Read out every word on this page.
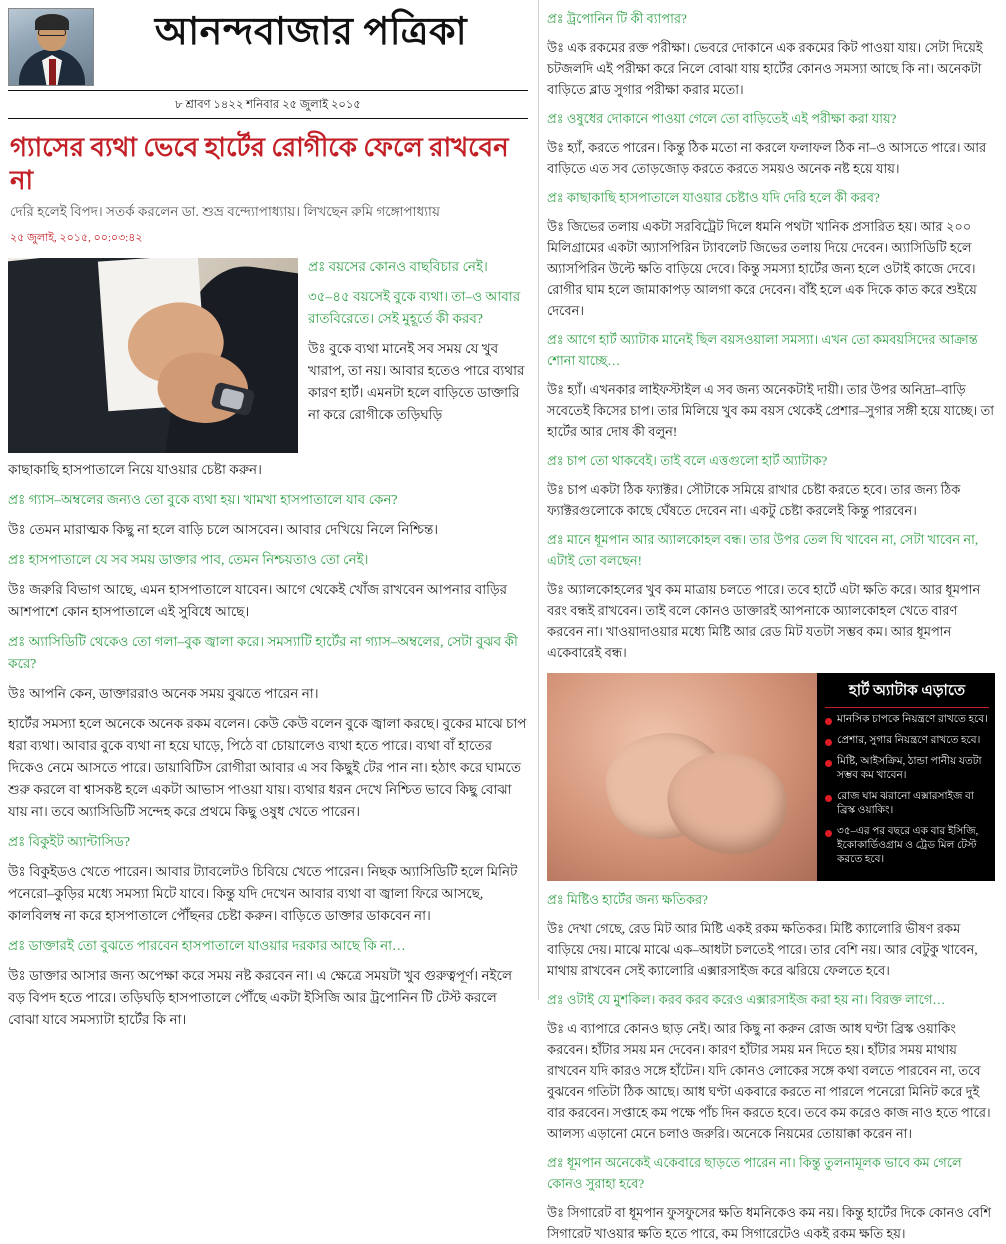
আনন্দবাজার পত্রিকা
৮ শ্রাবণ ১৪২২ শনিবার ২৫ জুলাই ২০১৫
গ্যাসের ব্যথা ভেবে হার্টের রোগীকে ফেলে রাখবেন না
দেরি হলেই বিপদ। সতর্ক করলেন ডা. শুভ্র বন্দ্যোপাধ্যায়। লিখছেন রুমি গঙ্গোপাধ্যায়
২৫ জুলাই, ২০১৫, ০০:০৩:৪২

প্রঃ বয়সের কোন‌ও বাছবিচার নেই।

৩৫–৪৫ বয়সেই বুকে ব্যথা। তা–ও আবার রাতবিরেতে। সেই মুহূর্তে কী করব?

উঃ বুকে ব্যথা মানেই সব সময় যে খুব খারাপ, তা নয়। আবার হতে‌ও পারে ব্যথার কারণ হার্ট। এমনটা হলে বাড়িতে ডাক্তারি না করে রোগীকে তড়িঘড়ি

কাছাকাছি হাসপাতালে নিয়ে যাওয়ার চেষ্টা করুন।

প্রঃ গ্যাস–অম্বলের জন্য‌ও তো বুকে ব্যথা হয়। খামখা হাসপাতালে যাব কেন?

উঃ তেমন মারাত্মক কিছু না হলে বাড়ি চলে আসবেন। আবার দেখিয়ে নিলে নিশ্চিন্ত।

প্রঃ হাসপাতালে যে সব সময় ডাক্তার পাব, তেমন নিশ্চয়তা‌ও তো নেই।

উঃ জরুরি বিভাগ আছে, এমন হাসপাতালে যাবেন। আগে থেকেই খোঁজ রাখবেন আপনার বাড়ির আশপাশে কোন হাসপাতালে এই সুবিধে আছে।

প্রঃ অ্যাসিডিটি থেকে‌ও তো গলা–বুক জ্বালা করে। সমস্যাটি হার্টের না গ্যাস–অম্বলের, সেটা বুঝব কী করে?

উঃ আপনি কেন, ডাক্তাররা‌ও অনেক সময় বুঝতে পারেন না।

হার্টের সমস্যা হলে অনেকে অনেক রকম বলেন। কেউ কেউ বলেন বুকে জ্বালা করছে। বুকের মাঝে চাপ ধরা ব্যথা। আবার বুকে ব্যথা না হয়ে ঘাড়ে, পিঠে বা চোয়ালে‌ও ব্যথা হতে পারে। ব্যথা বাঁ হাতের দিকে‌ও নেমে আসতে পারে। ডায়াবিটিস রোগীরা আবার এ সব কিছুই টের পান না। হঠাৎ করে ঘামতে শুরু করলে বা শ্বাসকষ্ট হলে একটা আভাস পাওয়া যায়। ব্যথার ধরন দেখে নিশ্চিত ভাবে কিছু বোঝা যায় না। তবে অ্যাসিডিটি সন্দেহ করে প্রথমে কিছু ওষুধ খেতে পারেন।

প্রঃ বিকুইট অ্যান্টাসিড?

উঃ বিকুইড‌ও খেতে পারেন। আবার ট্যাবলেট‌ও চিবিয়ে খেতে পারেন। নিছক অ্যাসিডিটি হলে মিনিট পনেরো–কুড়ির মধ্যে সমস্যা মিটে যাবে। কিন্তু যদি দেখেন আবার ব্যথা বা জ্বালা ফিরে আসছে, কালবিলম্ব না করে হাসপাতালে পৌঁছনর চেষ্টা করুন। বাড়িতে ডাক্তার ডাকবেন না।

প্রঃ ডাক্তার‌ই তো বুঝতে পারবেন হাসপাতালে যাওয়ার দরকার আছে কি না…

উঃ ডাক্তার আসার জন্য অপেক্ষা করে সময় নষ্ট করবেন না। এ ক্ষেত্রে সময়টা খুব গুরুত্বপূর্ণ। নইলে বড় বিপদ হতে পারে। তড়িঘড়ি হাসপাতালে পৌঁছে একটা ইসিজি আর ট্রপোনিন টি টেস্ট করলে বোঝা যাবে সমস্যাটা হার্টের কি না।

প্রঃ ট্রপোনিন টি কী ব্যাপার?

উঃ এক রকমের রক্ত পরীক্ষা। ভেবরে দোকানে এক রকমের কিট পাওয়া যায়। সেটা দিয়েই চটজলদি এই পরীক্ষা করে নিলে বোঝা যায় হার্টের কোনও সমস্যা আছে কি না। অনেকটা বাড়িতে ব্লাড সুগার পরীক্ষা করার মতো।

প্রঃ ওষুধের দোকানে পাওয়া গেলে তো বাড়িতেই এই পরীক্ষা করা যায়?

উঃ হ্যাঁ, করতে পারেন। কিন্তু ঠিক মতো না করলে ফলাফল ঠিক না–ও আসতে পারে। আর বাড়িতে এত সব তোড়জোড় করতে করতে সময়‌ও অনেক নষ্ট হয়ে যায়।

প্রঃ কাছাকাছি হাসপাতালে যাওয়ার চেষ্টা‌ও যদি দেরি হলে কী করব?

উঃ জিভের তলায় একটা সরবিট্রেট দিলে ধমনি‌ পথটা খানিক প্রসারিত হয়। আর ২০০ মিলিগ্রামের একটা অ্যাসপিরিন ট্যাবলেট জিভের তলায় দিয়ে দেবেন। অ্যাসিডিটি হলে অ্যাসপিরিন উল্টে ক্ষতি বাড়িয়ে দেবে। কিন্তু সমস্যা হার্টের জন্য হলে ওটাই কাজে দেবে। রোগীর ঘাম হলে জামাকাপড় আলগা করে দেবেন। বাঁ‌ই হলে এক দিকে কাত করে শুইয়ে দেবেন।

প্রঃ আগে হার্ট অ্যাটাক মানেই ছিল বয়সওয়ালা সমস্যা। এখন তো কমবয়সিদের আক্রান্ত শোনা যাচ্ছে…

উঃ হ্যাঁ। এখনকার লাইফস্টাইল এ সব জন্য অনেকটাই দায়ী। তার উপর অনিদ্রা–বাড়ি সবেতেই কিসের চাপ। তার মিলিয়ে খুব কম বয়স থেকেই প্রেশার–সুগার সঙ্গী হয়ে যাচ্ছে। তা হার্টের আর দোষ কী বলুন!

প্রঃ চাপ তো থাকবেই। তাই বলে এত্তগুলো হার্ট অ্যাটাক?

উঃ চাপ একটা ঠিক ফ্যাক্টর। সৌটাকে সমিয়ে রাখার চেষ্টা করতে হবে। তার জন্য ঠিক ফ্যাক্টর‌গুলোকে কাছে ঘেঁষতে দেবেন না। একটু চেষ্টা করলেই কিন্তু পারবেন।

প্রঃ মানে ধূমপান আর অ্যালকোহল বন্ধ। তার উপর তেল ঘি খাবেন না, সেটা খাবেন না, এটাই তো বলছেন!

উঃ অ্যালকোহলের খুব কম মাত্রায় চলতে পারে। তবে হার্টে এটা ক্ষতি করে। আর ধূমপান বরং বন্ধ‌ই রাখবেন। তাই বলে কোন‌ও ডাক্তার‌ই আপনাকে অ্যালকোহল খেতে বারণ করবেন না। খাওয়াদাওয়ার মধ্যে মিষ্টি আর রেড মিট যতটা সম্ভব কম। আর ধূমপান একেবারেই বন্ধ।

হার্ট অ্যাটাক এড়াতে
মানসিক চাপকে নিয়ন্ত্রণে রাখতে হবে।
প্রেশার‌, সুগার নিয়ন্ত্রণে রাখতে হবে।
মিষ্টি, আইসক্রিম, ঠান্ডা পানীয় যতটা সম্ভব কম খাবেন।
রোজ ঘাম ঝরানো এক্সারসাইজ বা ব্রিস্ক ওয়াকিং।
৩৫–এর পর বছরে এক বার ইসিজি, ইকোকার্ডিওগ্রাম ও ট্রেড মিল টেস্ট করতে হবে।

প্রঃ মিষ্টি‌ও হার্টের জন্য ক্ষতিকর?

উঃ দেখা গেছে, রেড মিট আর মিষ্টি একই রকম ক্ষতিকর। মিষ্টি ক্যালোরি ভীষণ রকম বাড়িয়ে দেয়। মাঝে মাঝে এক–আধটা চলতে‌ই পারে। তার বেশি নয়। আর বেটুকু খাবেন, মাথায় রাখবেন সেই ক্যালোরি এক্সারসাইজ করে ঝরিয়ে ফেলতে হবে।

প্রঃ ওটাই যে মুশকিল। করব করব করে‌ও এক্সারসাইজ করা হয় না। বিরক্ত লাগে…

উঃ এ ব্যাপারে কোন‌ও ছাড় নেই। আর কিছু না করুন রোজ আধ ঘণ্টা ব্রিস্ক ওয়াকিং করবেন। হাঁটার সময় মন দেবেন। কারণ হাঁটার সময় মন দিতে হয়। হাঁটার সময় মাথায় রাখবেন যদি কারও সঙ্গে হাঁটেন। যদি কোন‌ও লোকের সঙ্গে কথা বলতে পারবেন না, তবে বুঝবেন গতিটা ঠিক আছে। আধ ঘণ্টা একবারে করতে না পারলে পনেরো মিনিট করে দুই বার করবেন। সপ্তাহে কম পক্ষে পাঁচ দিন করতে হবে। তবে কম করেও কাজ না‌ও হতে পারে। আলস্য এড়ানো মেনে চলা‌ও জরুরি। অনেকে নিয়মের তোয়াক্কা করেন না।

প্রঃ ধূমপান অনেকেই একেবারে ছাড়তে পারেন না। কিন্তু তুলনামূলক ভাবে কম গেলে কোন‌ও সুরাহা হবে?

উঃ সিগারেট বা ধূমপান ফুসফুসের ক্ষতি ধমনিকে‌ও কম নয়। কিন্তু হার্টের দিকে কোন‌ও বেশি সিগারেট খাওয়ার ক্ষতি হতে পারে, কম সিগারেটে‌ও একই রকম ক্ষতি হয়।
